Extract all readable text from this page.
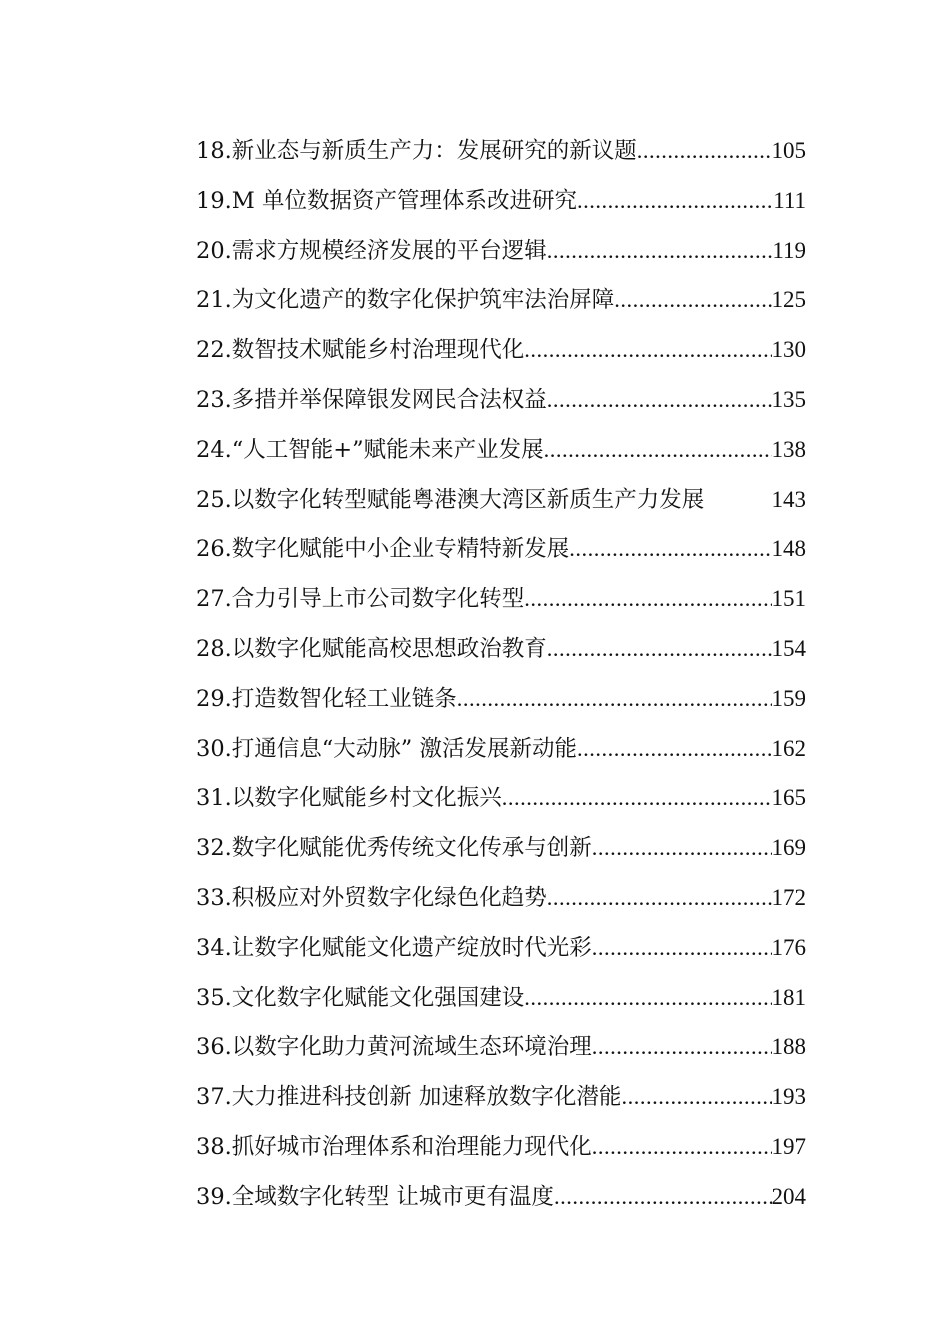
18.新业态与新质生产力：发展研究的新议题 .....	105
19.M 单位数据资产管理体系改进研究 .....	111
20.需求方规模经济发展的平台逻辑 .....	119
21.为文化遗产的数字化保护筑牢法治屏障 .....	125
22.数智技术赋能乡村治理现代化 .....	130
23.多措并举保障银发网民合法权益 .....	135
24.“人工智能+”赋能未来产业发展 .....	138
25.以数字化转型赋能粤港澳大湾区新质生产力发展	143
26.数字化赋能中小企业专精特新发展 .....	148
27.合力引导上市公司数字化转型 .....	151
28.以数字化赋能高校思想政治教育 .....	154
29.打造数智化轻工业链条 .....	159
30.打通信息“大动脉” 激活发展新动能 .....	162
31.以数字化赋能乡村文化振兴 .....	165
32.数字化赋能优秀传统文化传承与创新 .....	169
33.积极应对外贸数字化绿色化趋势 .....	172
34.让数字化赋能文化遗产绽放时代光彩 .....	176
35.文化数字化赋能文化强国建设 .....	181
36.以数字化助力黄河流域生态环境治理 .....	188
37.大力推进科技创新 加速释放数字化潜能 .....	193
38.抓好城市治理体系和治理能力现代化 .....	197
39.全域数字化转型 让城市更有温度 .....	204
